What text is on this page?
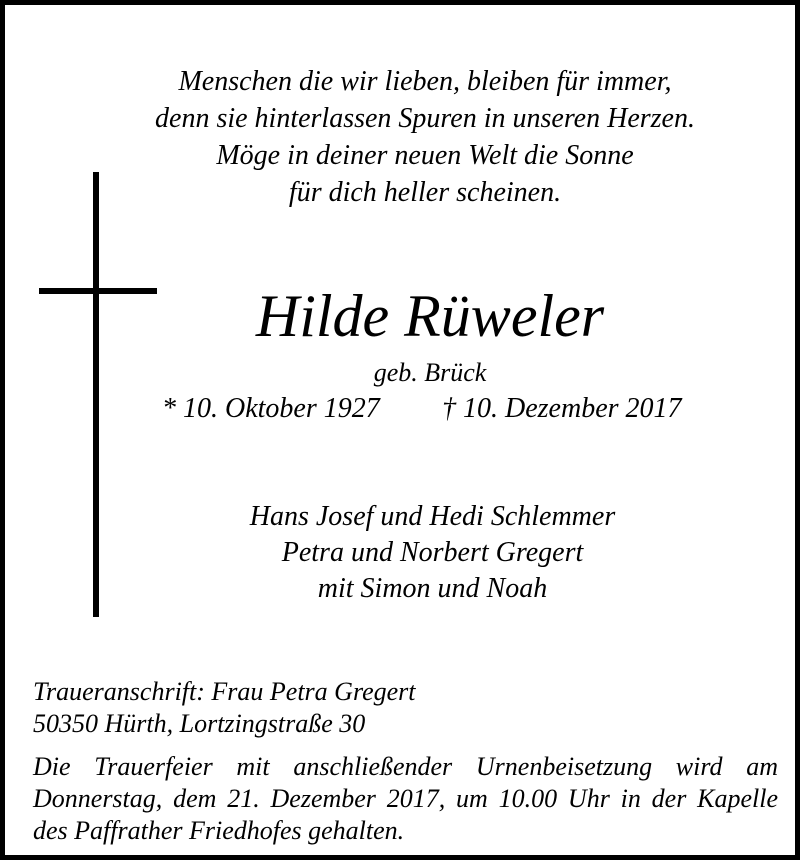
Menschen die wir lieben, bleiben für immer,
denn sie hinterlassen Spuren in unseren Herzen.
Möge in deiner neuen Welt die Sonne
für dich heller scheinen.
Hilde Rüweler
geb. Brück
* 10. Oktober 1927 † 10. Dezember 2017
Hans Josef und Hedi Schlemmer
Petra und Norbert Gregert
mit Simon und Noah
Traueranschrift: Frau Petra Gregert
50350 Hürth, Lortzingstraße 30
Die Trauerfeier mit anschließender Urnenbeisetzung wird am
Donnerstag, dem 21. Dezember 2017, um 10.00 Uhr in der Kapelle
des Paffrather Friedhofes gehalten.
